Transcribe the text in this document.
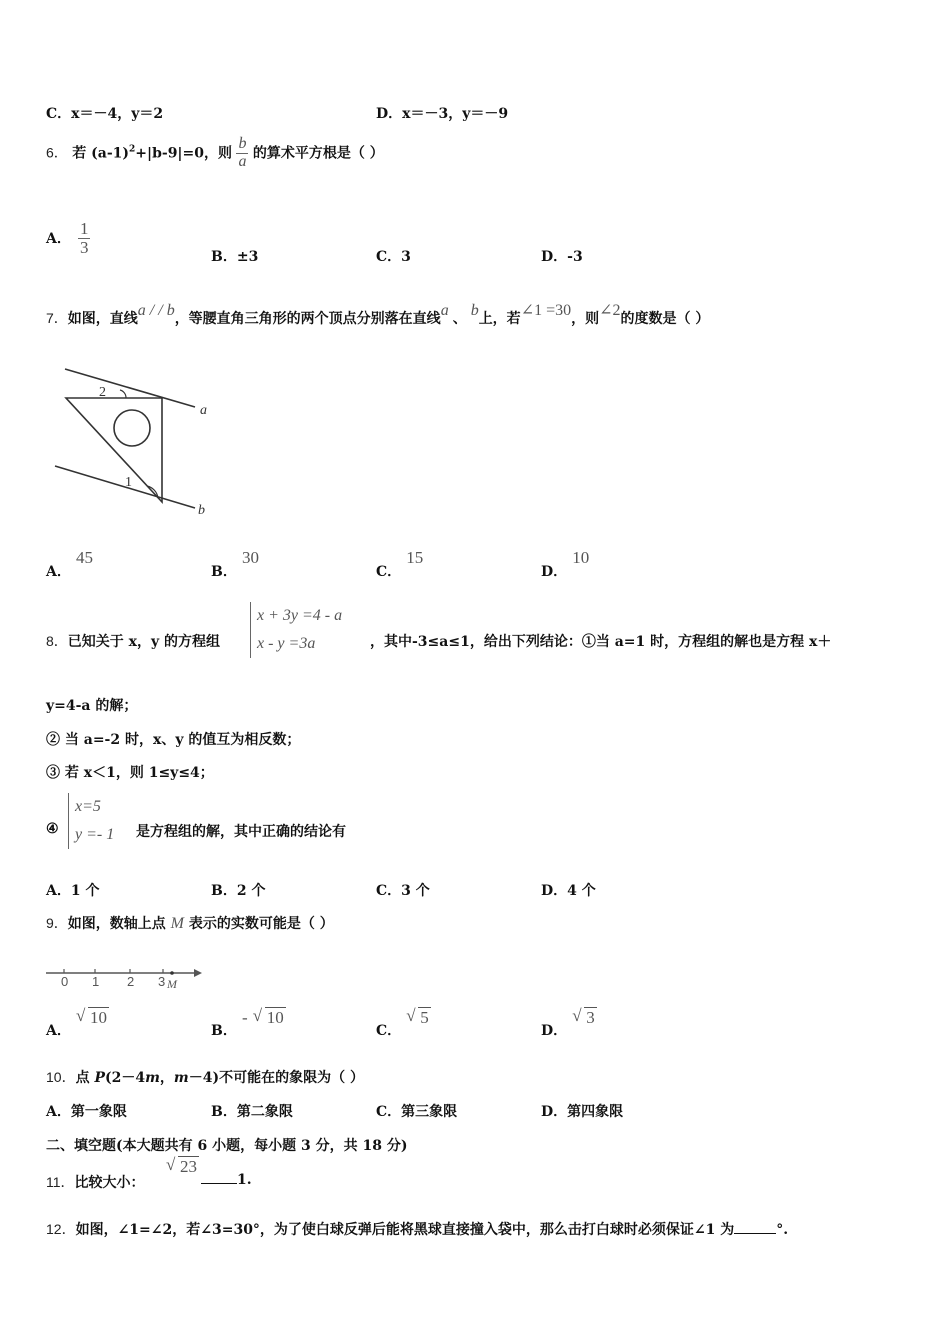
C．x＝－4，y＝2	D．x＝－3，y＝－9
6． 若 $(a-1)^2+|b-9|=0$，则 $\frac{b}{a}$ 的算术平方根是（ ）
A． $\frac{1}{3}$
B．±3	C．3	D．-3
7．如图，直线a / / b，等腰直角三角形的两个顶点分别落在直线a 、 b上，若∠1 =30，则∠2的度数是（ ）
2
1
a
b
A． 45
B． 30
C． 15
D． 10
8．已知关于 x，y 的方程组
x + 3y =4 - a
x - y =3a	，其中-3≤a≤1，给出下列结论：①当 a=1 时，方程组的解也是方程 x＋
y=4-a 的解；
② 当 a=-2 时，x、y 的值互为相反数；
③ 若 x＜1，则 1≤y≤4；
④
x=5
y =- 1 是方程组的解，其中正确的结论有
A．1 个	B．2 个	C．3 个	D．4 个
9．如图，数轴上点 M 表示的实数可能是（ ）
0 1 2 3 M
A． √ 10
B． - √ 10
C． √ 5
D． √ 3
10．点 P(2－4m，m－4)不可能在的象限为（ ）
A．第一象限	B．第二象限	C．第三象限	D．第四象限
二、填空题(本大题共有 6 小题，每小题 3 分，共 18 分)
11．比较大小：
√ 23
1.
12．如图，∠1=∠2，若∠3=30°，为了使白球反弹后能将黑球直接撞入袋中，那么击打白球时必须保证∠1 为	°.
